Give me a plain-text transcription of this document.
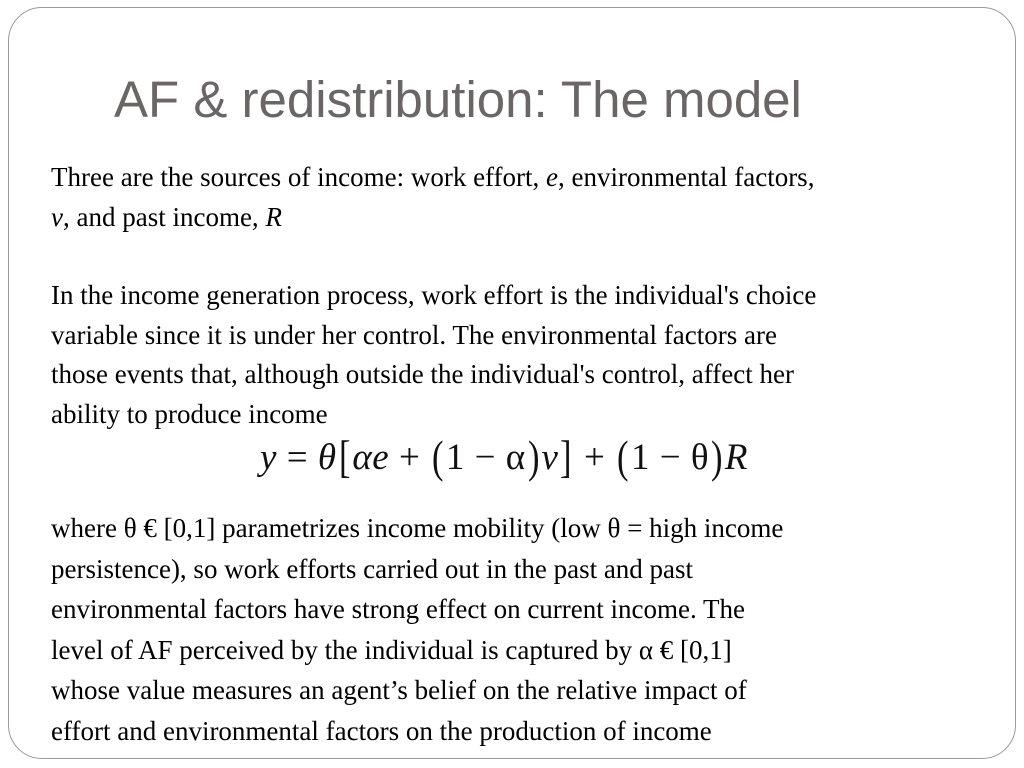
AF & redistribution: The model

Three are the sources of income: work effort, e, environmental factors,
v, and past income, R

In the income generation process, work effort is the individual's choice
variable since it is under her control. The environmental factors are
those events that, although outside the individual's control, affect her
ability to produce income

y = θ [ αe + ( 1 − α ) v ] + ( 1 − θ ) R

where θ € [0,1] parametrizes income mobility (low θ = high income
persistence), so work efforts carried out in the past and past
environmental factors have strong effect on current income. The
level of AF perceived by the individual is captured by α € [0,1]
whose value measures an agent’s belief on the relative impact of
effort and environmental factors on the production of income
